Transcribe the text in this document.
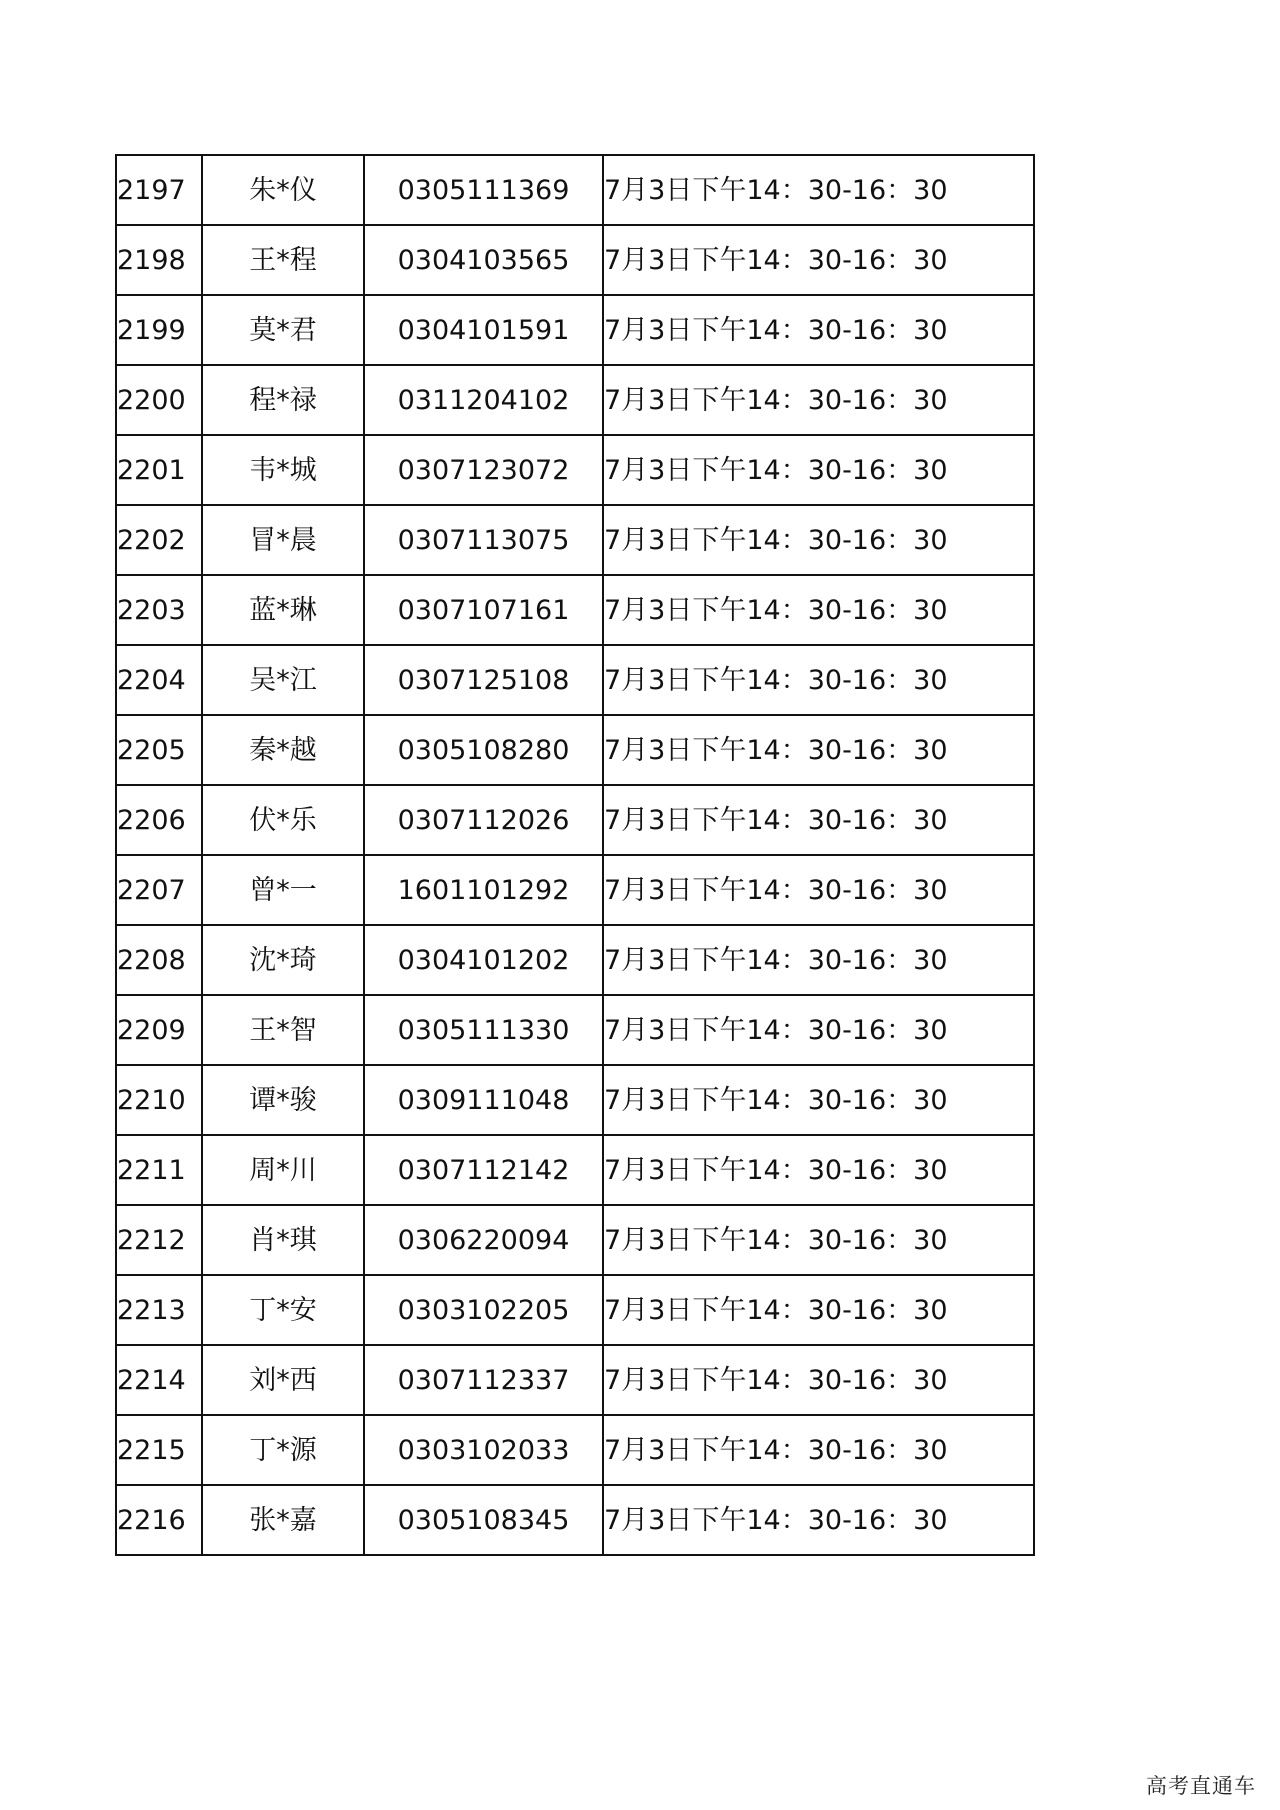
2197	朱*仪	0305111369	7月3日下午14：30-16：30
2198	王*程	0304103565	7月3日下午14：30-16：30
2199	莫*君	0304101591	7月3日下午14：30-16：30
2200	程*禄	0311204102	7月3日下午14：30-16：30
2201	韦*城	0307123072	7月3日下午14：30-16：30
2202	冒*晨	0307113075	7月3日下午14：30-16：30
2203	蓝*琳	0307107161	7月3日下午14：30-16：30
2204	吴*江	0307125108	7月3日下午14：30-16：30
2205	秦*越	0305108280	7月3日下午14：30-16：30
2206	伏*乐	0307112026	7月3日下午14：30-16：30
2207	曾*一	1601101292	7月3日下午14：30-16：30
2208	沈*琦	0304101202	7月3日下午14：30-16：30
2209	王*智	0305111330	7月3日下午14：30-16：30
2210	谭*骏	0309111048	7月3日下午14：30-16：30
2211	周*川	0307112142	7月3日下午14：30-16：30
2212	肖*琪	0306220094	7月3日下午14：30-16：30
2213	丁*安	0303102205	7月3日下午14：30-16：30
2214	刘*西	0307112337	7月3日下午14：30-16：30
2215	丁*源	0303102033	7月3日下午14：30-16：30
2216	张*嘉	0305108345	7月3日下午14：30-16：30
高考直通车
